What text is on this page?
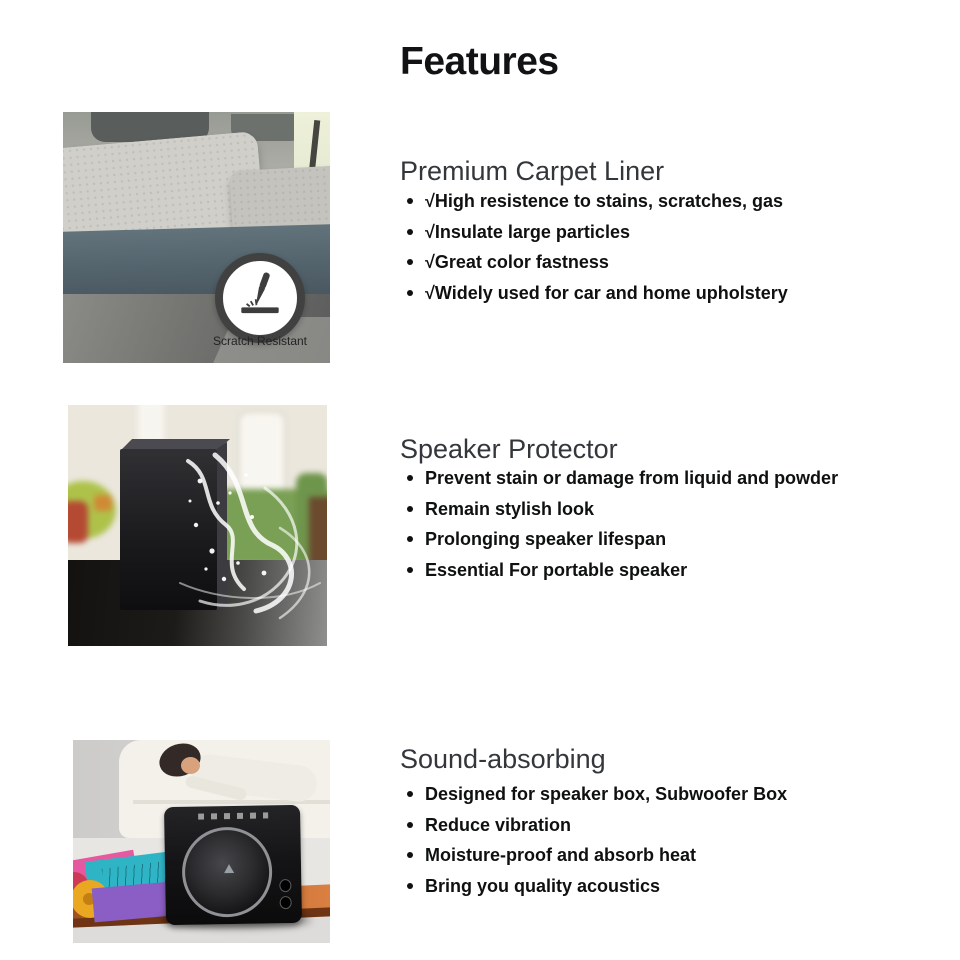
Features
Scratch Resistant
Premium Carpet Liner
√High resistence to stains, scratches, gas
√Insulate large particles
√Great color fastness
√Widely used for car and home upholstery
Speaker Protector
Prevent stain or damage from liquid and powder
Remain stylish look
Prolonging speaker lifespan
Essential For portable speaker
Sound-absorbing
Designed for speaker box, Subwoofer Box
Reduce vibration
Moisture-proof and absorb heat
Bring you quality acoustics
